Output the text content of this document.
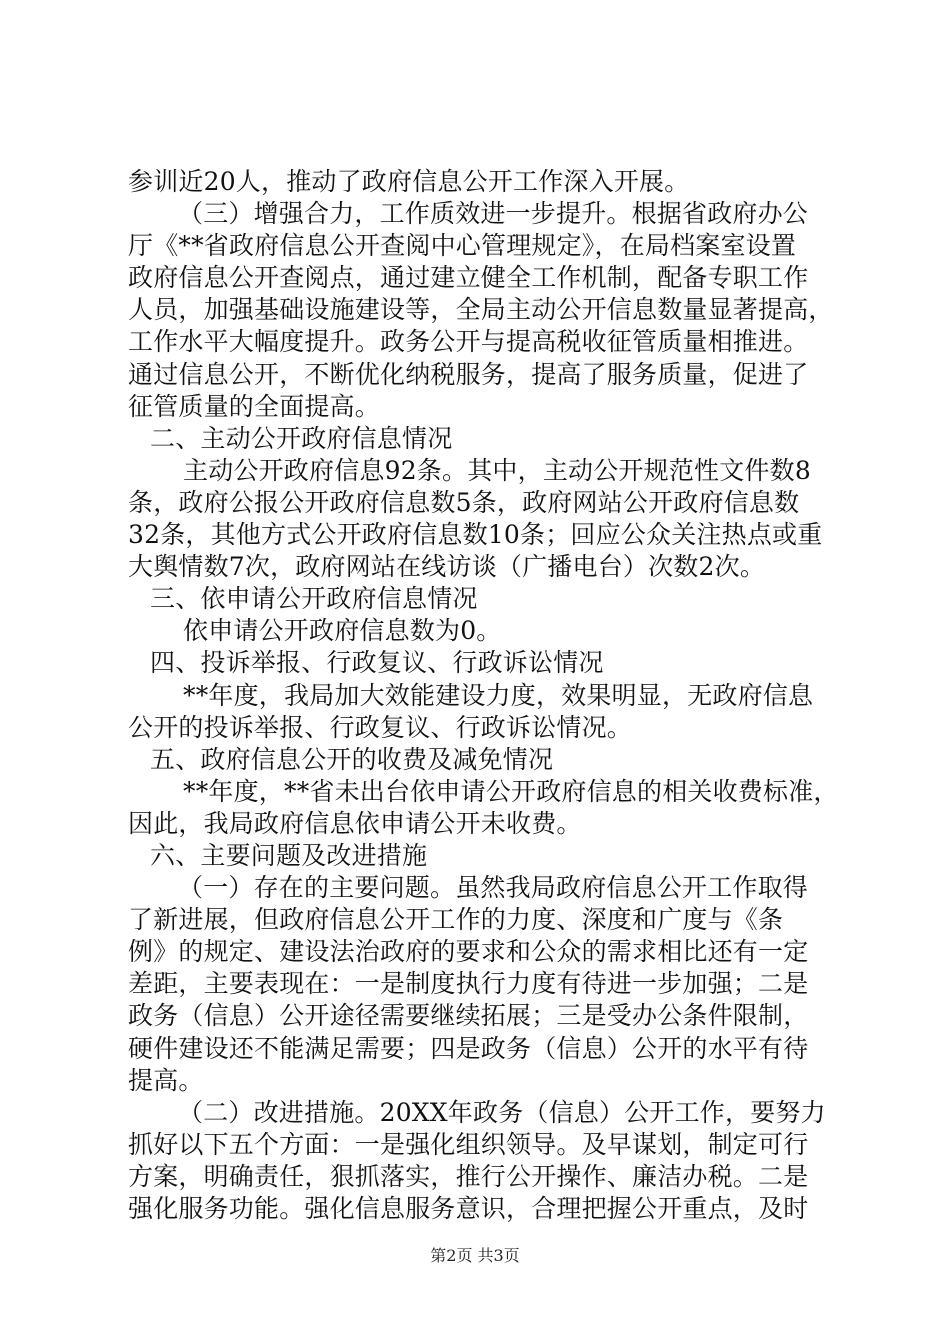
参训近20人，推动了政府信息公开工作深入开展。
（三）增强合力，工作质效进一步提升。根据省政府办公
厅《**省政府信息公开查阅中心管理规定》，在局档案室设置
政府信息公开查阅点，通过建立健全工作机制，配备专职工作
人员，加强基础设施建设等，全局主动公开信息数量显著提高，
工作水平大幅度提升。政务公开与提高税收征管质量相推进。
通过信息公开，不断优化纳税服务，提高了服务质量，促进了
征管质量的全面提高。
二、主动公开政府信息情况
主动公开政府信息92条。其中，主动公开规范性文件数8
条，政府公报公开政府信息数5条，政府网站公开政府信息数
32条，其他方式公开政府信息数10条；回应公众关注热点或重
大舆情数7次，政府网站在线访谈（广播电台）次数2次。
三、依申请公开政府信息情况
依申请公开政府信息数为0。
四、投诉举报、行政复议、行政诉讼情况
**年度，我局加大效能建设力度，效果明显，无政府信息
公开的投诉举报、行政复议、行政诉讼情况。
五、政府信息公开的收费及减免情况
**年度，**省未出台依申请公开政府信息的相关收费标准，
因此，我局政府信息依申请公开未收费。
六、主要问题及改进措施
（一）存在的主要问题。虽然我局政府信息公开工作取得
了新进展，但政府信息公开工作的力度、深度和广度与《条
例》的规定、建设法治政府的要求和公众的需求相比还有一定
差距，主要表现在：一是制度执行力度有待进一步加强；二是
政务（信息）公开途径需要继续拓展；三是受办公条件限制，
硬件建设还不能满足需要；四是政务（信息）公开的水平有待
提高。
（二）改进措施。20XX年政务（信息）公开工作，要努力
抓好以下五个方面：一是强化组织领导。及早谋划，制定可行
方案，明确责任，狠抓落实，推行公开操作、廉洁办税。二是
强化服务功能。强化信息服务意识，合理把握公开重点，及时
第2页 共3页
